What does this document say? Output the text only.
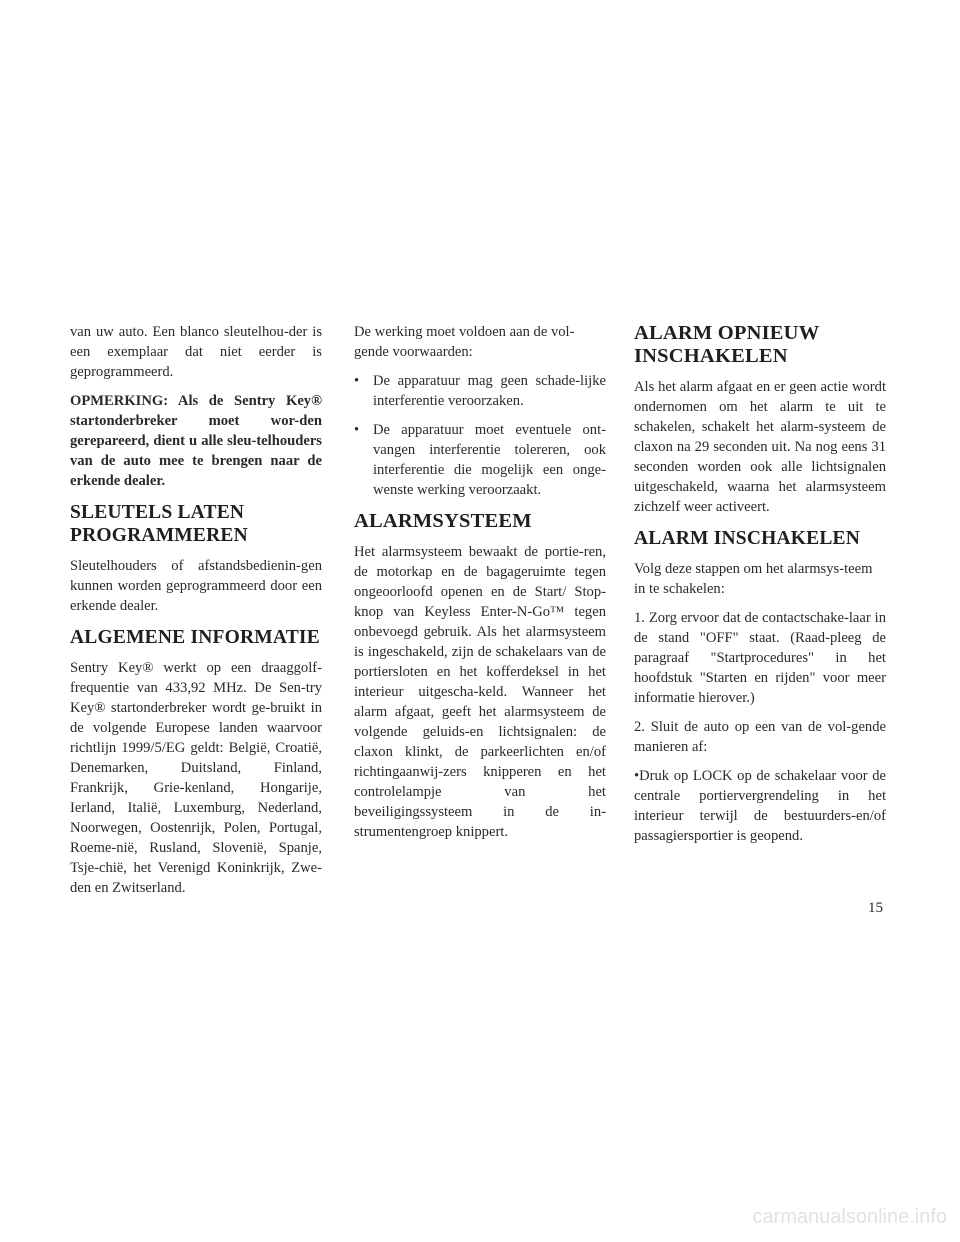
van uw auto. Een blanco sleutelhou-der is een exemplaar dat niet eerder is geprogrammeerd.

OPMERKING: Als de Sentry Key® startonderbreker moet wor-den gerepareerd, dient u alle sleu-telhouders van de auto mee te brengen naar de erkende dealer.

SLEUTELS LATEN PROGRAMMEREN

Sleutelhouders of afstandsbedienin-gen kunnen worden geprogrammeerd door een erkende dealer.

ALGEMENE INFORMATIE

Sentry Key® werkt op een draaggolf-frequentie van 433,92 MHz. De Sen-try Key® startonderbreker wordt ge-bruikt in de volgende Europese landen waarvoor richtlijn 1999/5/EG geldt: België, Croatië, Denemarken, Duitsland, Finland, Frankrijk, Grie-kenland, Hongarije, Ierland, Italië, Luxemburg, Nederland, Noorwegen, Oostenrijk, Polen, Portugal, Roeme-nië, Rusland, Slovenië, Spanje, Tsje-chië, het Verenigd Koninkrijk, Zwe-den en Zwitserland.

De werking moet voldoen aan de vol-gende voorwaarden:

• De apparatuur mag geen schade-lijke interferentie veroorzaken.
• De apparatuur moet eventuele ont-vangen interferentie tolereren, ook interferentie die mogelijk een onge-wenste werking veroorzaakt.
ALARMSYSTEEM

Het alarmsysteem bewaakt de portie-ren, de motorkap en de bagageruimte tegen ongeoorloofd openen en de Start/ Stop-knop van Keyless Enter-N-Go™ tegen onbevoegd gebruik. Als het alarmsysteem is ingeschakeld, zijn de schakelaars van de portiersloten en het kofferdeksel in het interieur uitgescha-keld. Wanneer het alarm afgaat, geeft het alarmsysteem de volgende geluids-en lichtsignalen: de claxon klinkt, de parkeerlichten en/of richtingaanwij-zers knipperen en het controlelampje van het beveiligingssysteem in de in-strumentengroep knippert.

ALARM OPNIEUW INSCHAKELEN

Als het alarm afgaat en er geen actie wordt ondernomen om het alarm te uit te schakelen, schakelt het alarm-systeem de claxon na 29 seconden uit. Na nog eens 31 seconden worden ook alle lichtsignalen uitgeschakeld, waarna het alarmsysteem zichzelf weer activeert.

ALARM INSCHAKELEN

Volg deze stappen om het alarmsys-teem in te schakelen:

1. Zorg ervoor dat de contactschake-laar in de stand "OFF" staat. (Raad-pleeg de paragraaf "Startprocedures" in het hoofdstuk "Starten en rijden" voor meer informatie hierover.)

2. Sluit de auto op een van de vol-gende manieren af:

•Druk op LOCK op de schakelaar voor de centrale portiervergrendeling in het interieur terwijl de bestuurders-en/of passagiersportier is geopend.

15
carmanualsonline.info
